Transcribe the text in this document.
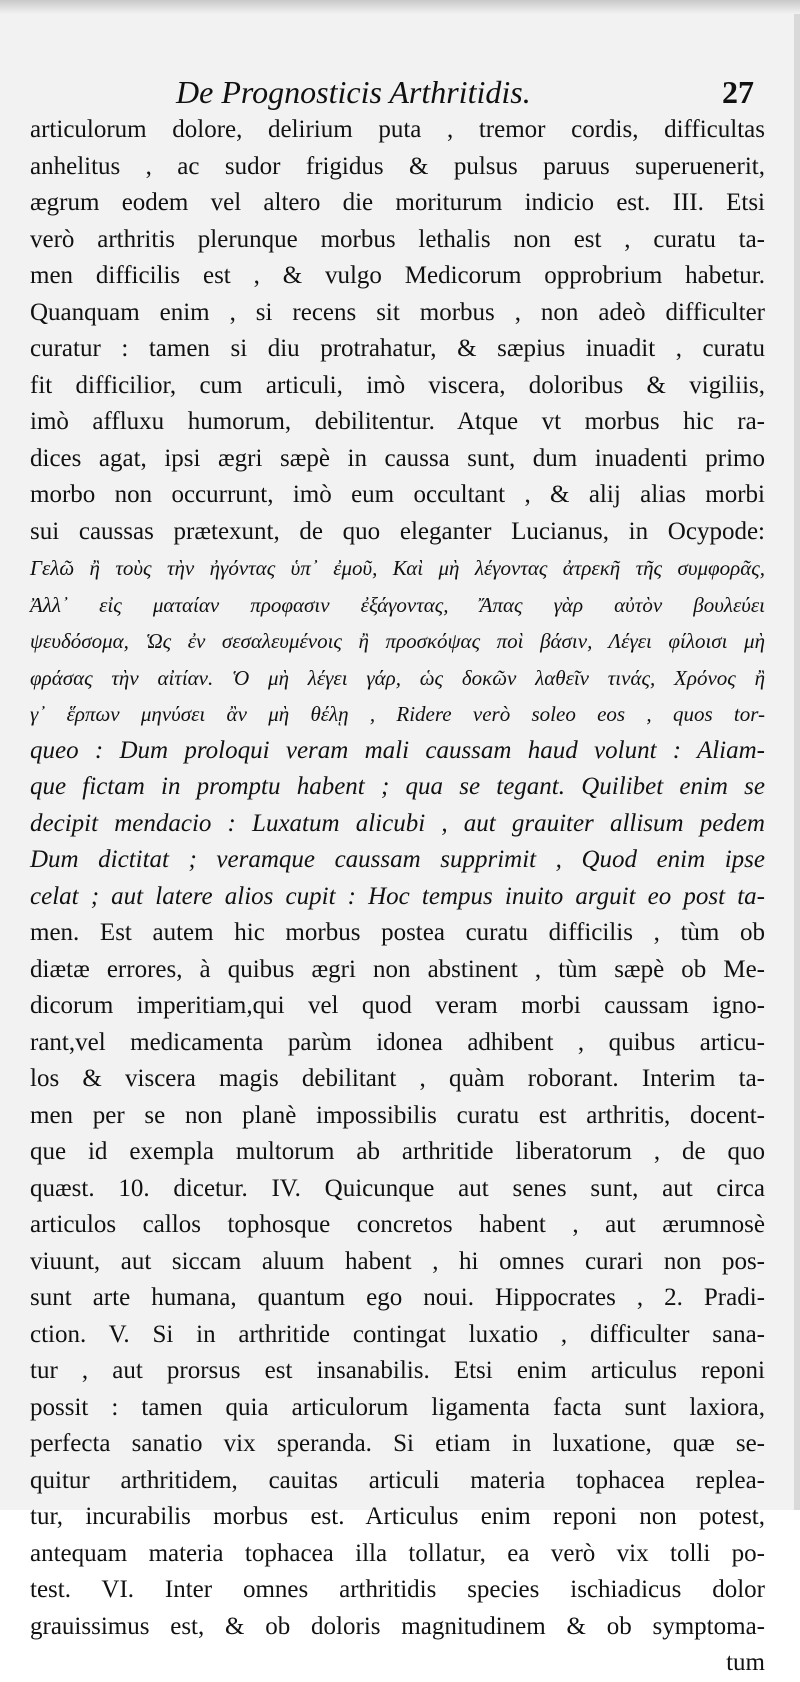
De Prognosticis Arthritidis.	27
articulorum dolore, delirium puta , tremor cordis, difficultas
anhelitus , ac sudor frigidus & pulsus paruus superuenerit,
ægrum eodem vel altero die moriturum indicio est. III. Etsi
verò arthritis plerunque morbus lethalis non est , curatu ta-
men difficilis est , & vulgo Medicorum opprobrium habetur.
Quanquam enim , si recens sit morbus , non adeò difficulter
curatur : tamen si diu protrahatur, & sæpius inuadit , curatu
fit difficilior, cum articuli, imò viscera, doloribus & vigiliis,
imò affluxu humorum, debilitentur. Atque vt morbus hic ra-
dices agat, ipsi ægri sæpè in caussa sunt, dum inuadenti primo
morbo non occurrunt, imò eum occultant , & alij alias morbi
sui caussas prætexunt, de quo eleganter Lucianus, in Ocypode:
Γελῶ ἢ τοὺς τὴν ἠγόντας ὑπ᾽ ἐμοῦ, Καὶ μὴ λέγοντας ἀτρεκῆ τῆς συμφορᾶς,
Ἀλλ᾽ εἰς ματαίαν προφασιν ἐξάγοντας, Ἄπας γὰρ αὐτὸν βουλεύει
ψευδόσομα, Ὡς ἐν σεσαλευμένοις ἢ προσκόψας ποὶ βάσιν, Λέγει φίλοισι μὴ
φράσας τὴν αἰτίαν. Ὁ μὴ λέγει γάρ, ὡς δοκῶν λαθεῖν τινάς, Χρόνος ἢ
γ᾽ ἕρπων μηνύσει ἂν μὴ θέλῃ , Ridere verò soleo eos , quos tor-
queo : Dum proloqui veram mali caussam haud volunt : Aliam-
que fictam in promptu habent ; qua se tegant. Quilibet enim se
decipit mendacio : Luxatum alicubi , aut grauiter allisum pedem
Dum dictitat ; veramque caussam supprimit , Quod enim ipse
celat ; aut latere alios cupit : Hoc tempus inuito arguit eo post ta-
men. Est autem hic morbus postea curatu difficilis , tùm ob
diætæ errores, à quibus ægri non abstinent , tùm sæpè ob Me-
dicorum imperitiam,qui vel quod veram morbi caussam igno-
rant,vel medicamenta parùm idonea adhibent , quibus articu-
los & viscera magis debilitant , quàm roborant. Interim ta-
men per se non planè impossibilis curatu est arthritis, docent-
que id exempla multorum ab arthritide liberatorum , de quo
quæst. 10. dicetur. IV. Quicunque aut senes sunt, aut circa
articulos callos tophosque concretos habent , aut ærumnosè
viuunt, aut siccam aluum habent , hi omnes curari non pos-
sunt arte humana, quantum ego noui. Hippocrates , 2. Pradi-
ction. V. Si in arthritide contingat luxatio , difficulter sana-
tur , aut prorsus est insanabilis. Etsi enim articulus reponi
possit : tamen quia articulorum ligamenta facta sunt laxiora,
perfecta sanatio vix speranda. Si etiam in luxatione, quæ se-
quitur arthritidem, cauitas articuli materia tophacea replea-
tur, incurabilis morbus est. Articulus enim reponi non potest,
antequam materia tophacea illa tollatur, ea verò vix tolli po-
test. VI. Inter omnes arthritidis species ischiadicus dolor
grauissimus est, & ob doloris magnitudinem & ob symptoma-
tum
